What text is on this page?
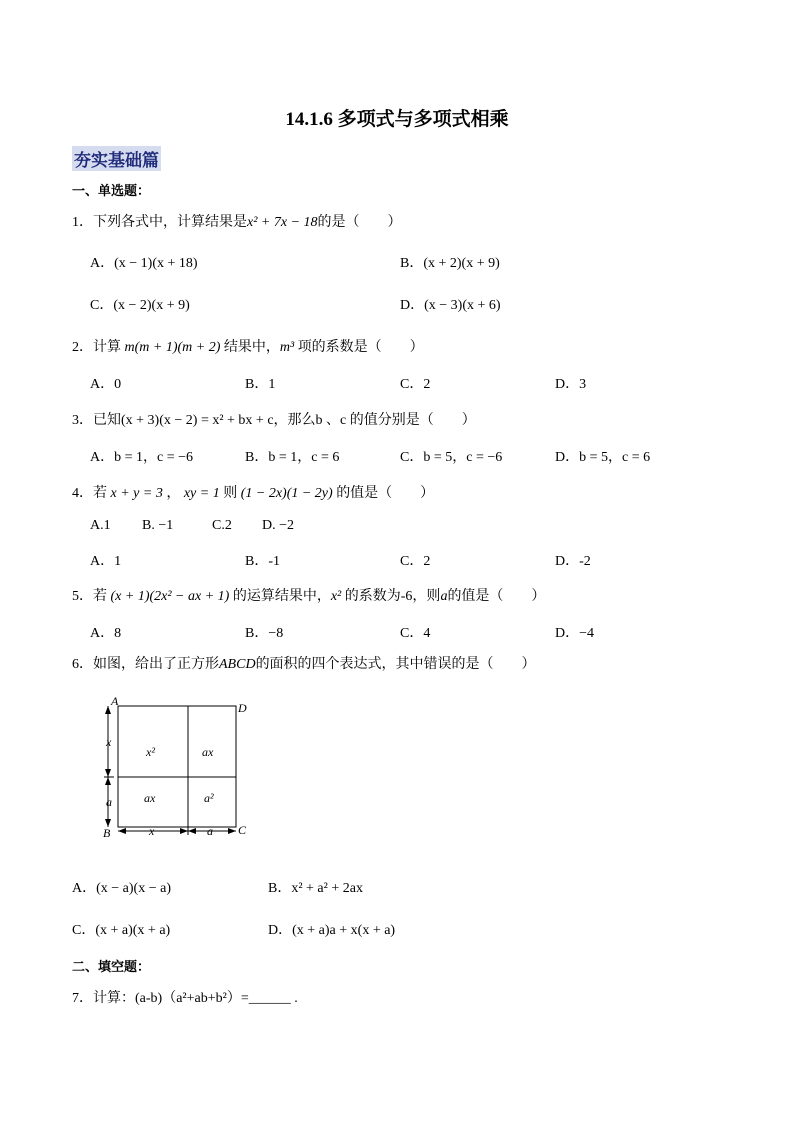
14.1.6 多项式与多项式相乘
夯实基础篇
一、单选题：
1．下列各式中，计算结果是x² + 7x − 18的是（　　）
A．(x − 1)(x + 18)	B．(x + 2)(x + 9)
C．(x − 2)(x + 9)	D．(x − 3)(x + 6)
2．计算 m(m + 1)(m + 2) 结果中，m³ 项的系数是（　　）
A．0	B．1	C．2	D．3
3．已知(x + 3)(x − 2) = x² + bx + c，那么b 、c 的值分别是（　　）
A．b = 1，c = −6	B．b = 1，c = 6	C．b = 5，c = −6	D．b = 5，c = 6
4．若 x + y = 3 ， xy = 1 则 (1 − 2x)(1 − 2y) 的值是（　　）
A.1 B. −1	C.2 D. −2
A．1	B．-1	C．2	D．-2
5．若 (x + 1)(2x² − ax + 1) 的运算结果中，x² 的系数为-6，则a的值是（　　）
A．8	B．−8	C．4	D．−4
6．如图，给出了正方形ABCD的面积的四个表达式，其中错误的是（　　）
A
B	C
D
x²	ax
ax	a²
x
a
x	a
A．(x − a)(x − a)	B．x² + a² + 2ax
C．(x + a)(x + a)	D．(x + a)a + x(x + a)
二、填空题：
7．计算：(a-b)（a²+ab+b²）=______ .
